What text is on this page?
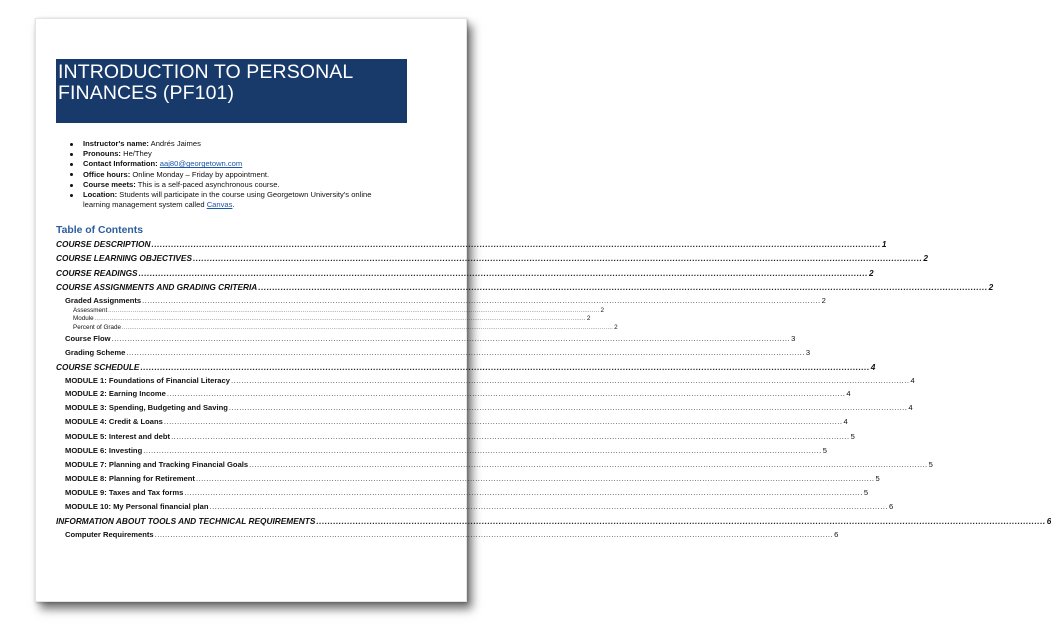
INTRODUCTION TO PERSONAL
FINANCES (PF101)
Instructor's name: Andrés Jaimes
Pronouns: He/They
Contact Information: aaj80@georgetown.com
Office hours: Online Monday – Friday by appointment.
Course meets: This is a self-paced asynchronous course.
Location: Students will participate in the course using Georgetown University's online learning management system called Canvas.
Table of Contents
COURSE DESCRIPTION .................................................................................................................................................................................................................................................................... 1
COURSE LEARNING OBJECTIVES .................................................................................................................................................................................................................................................................... 2
COURSE READINGS .................................................................................................................................................................................................................................................................... 2
COURSE ASSIGNMENTS AND GRADING CRITERIA .................................................................................................................................................................................................................................................................... 2
Graded Assignments .................................................................................................................................................................................................................................................................... 2
Assessment .................................................................................................................................................................................................................................................................... 2
Module .................................................................................................................................................................................................................................................................... 2
Percent of Grade .................................................................................................................................................................................................................................................................... 2
Course Flow .................................................................................................................................................................................................................................................................... 3
Grading Scheme .................................................................................................................................................................................................................................................................... 3
COURSE SCHEDULE .................................................................................................................................................................................................................................................................... 4
MODULE 1: Foundations of Financial Literacy .................................................................................................................................................................................................................................................................... 4
MODULE 2: Earning Income .................................................................................................................................................................................................................................................................... 4
MODULE 3: Spending, Budgeting and Saving .................................................................................................................................................................................................................................................................... 4
MODULE 4: Credit & Loans .................................................................................................................................................................................................................................................................... 4
MODULE 5: Interest and debt .................................................................................................................................................................................................................................................................... 5
MODULE 6: Investing .................................................................................................................................................................................................................................................................... 5
MODULE 7: Planning and Tracking Financial Goals .................................................................................................................................................................................................................................................................... 5
MODULE 8: Planning for Retirement .................................................................................................................................................................................................................................................................... 5
MODULE 9: Taxes and Tax forms .................................................................................................................................................................................................................................................................... 5
MODULE 10: My Personal financial plan .................................................................................................................................................................................................................................................................... 6
INFORMATION ABOUT TOOLS AND TECHNICAL REQUIREMENTS .................................................................................................................................................................................................................................................................... 6
Computer Requirements .................................................................................................................................................................................................................................................................... 6
